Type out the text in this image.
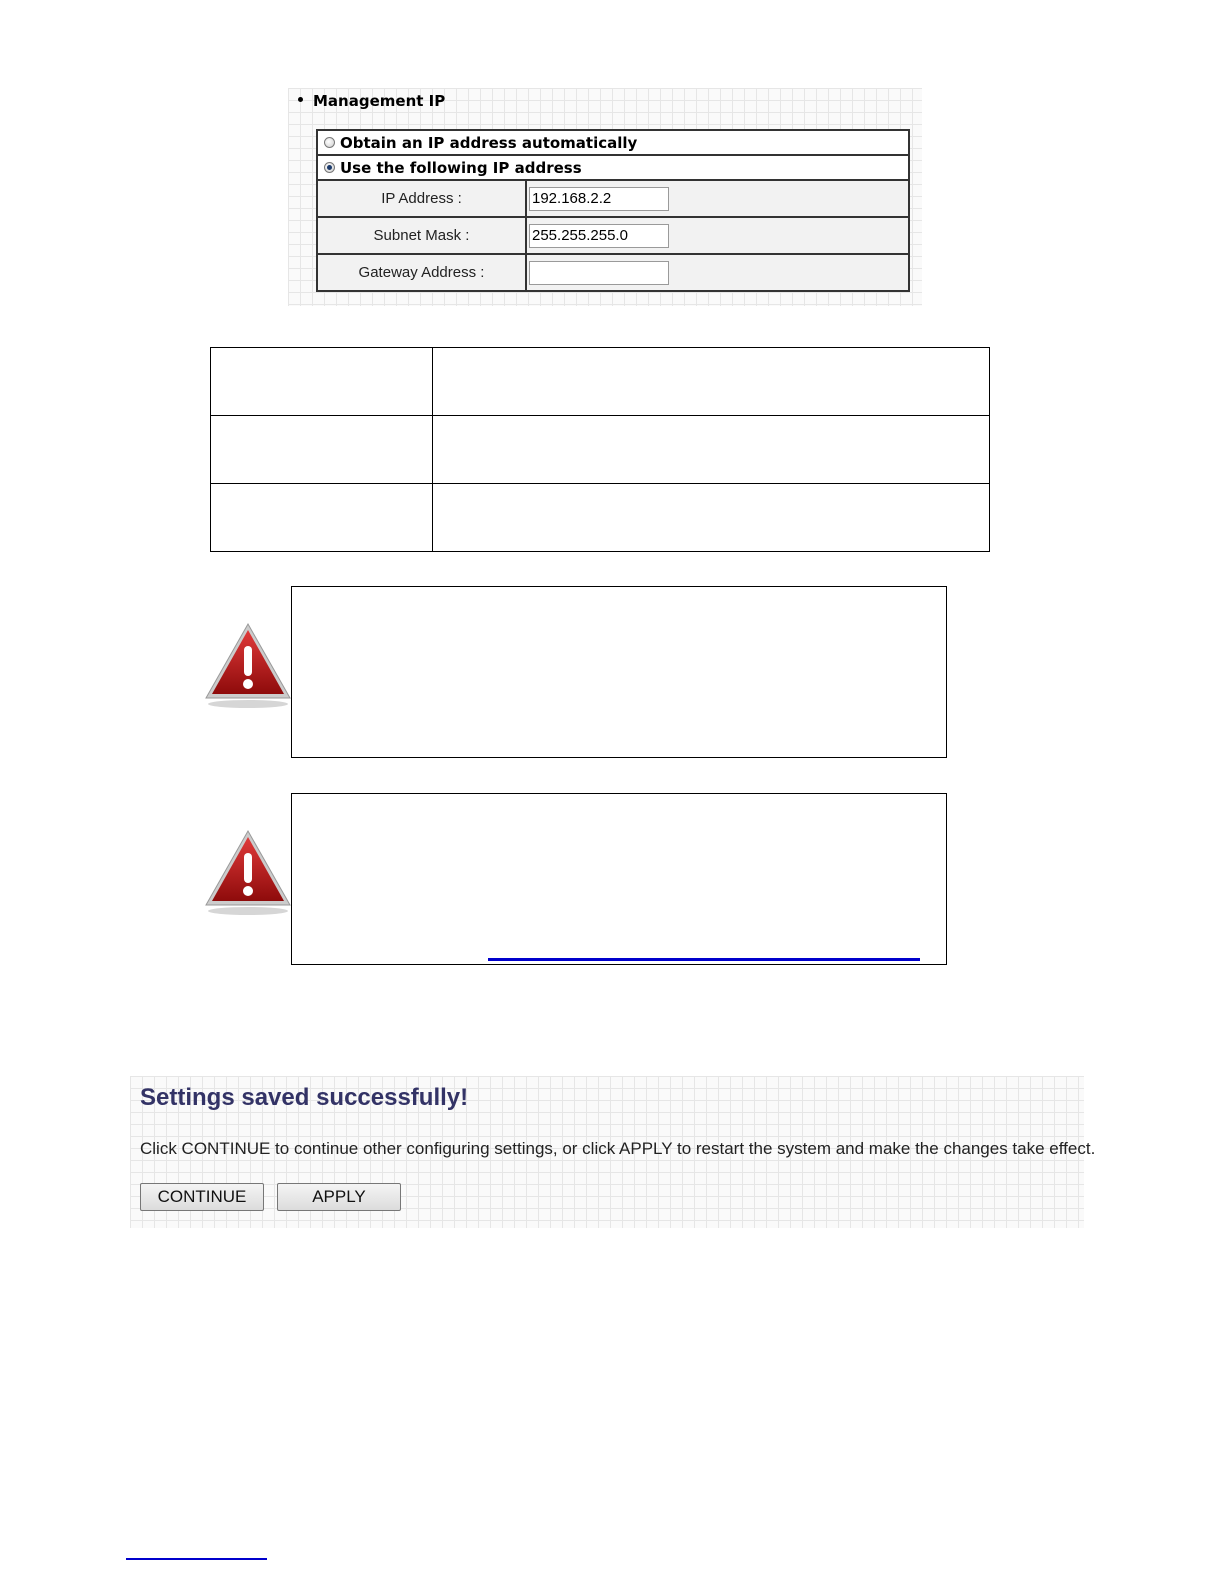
Management IP
Obtain an IP address automatically
Use the following IP address
IP Address :
192.168.2.2
Subnet Mask :
255.255.255.0
Gateway Address :

Settings saved successfully!
Click CONTINUE to continue other configuring settings, or click APPLY to restart the system and make the changes take effect.
CONTINUE	APPLY
